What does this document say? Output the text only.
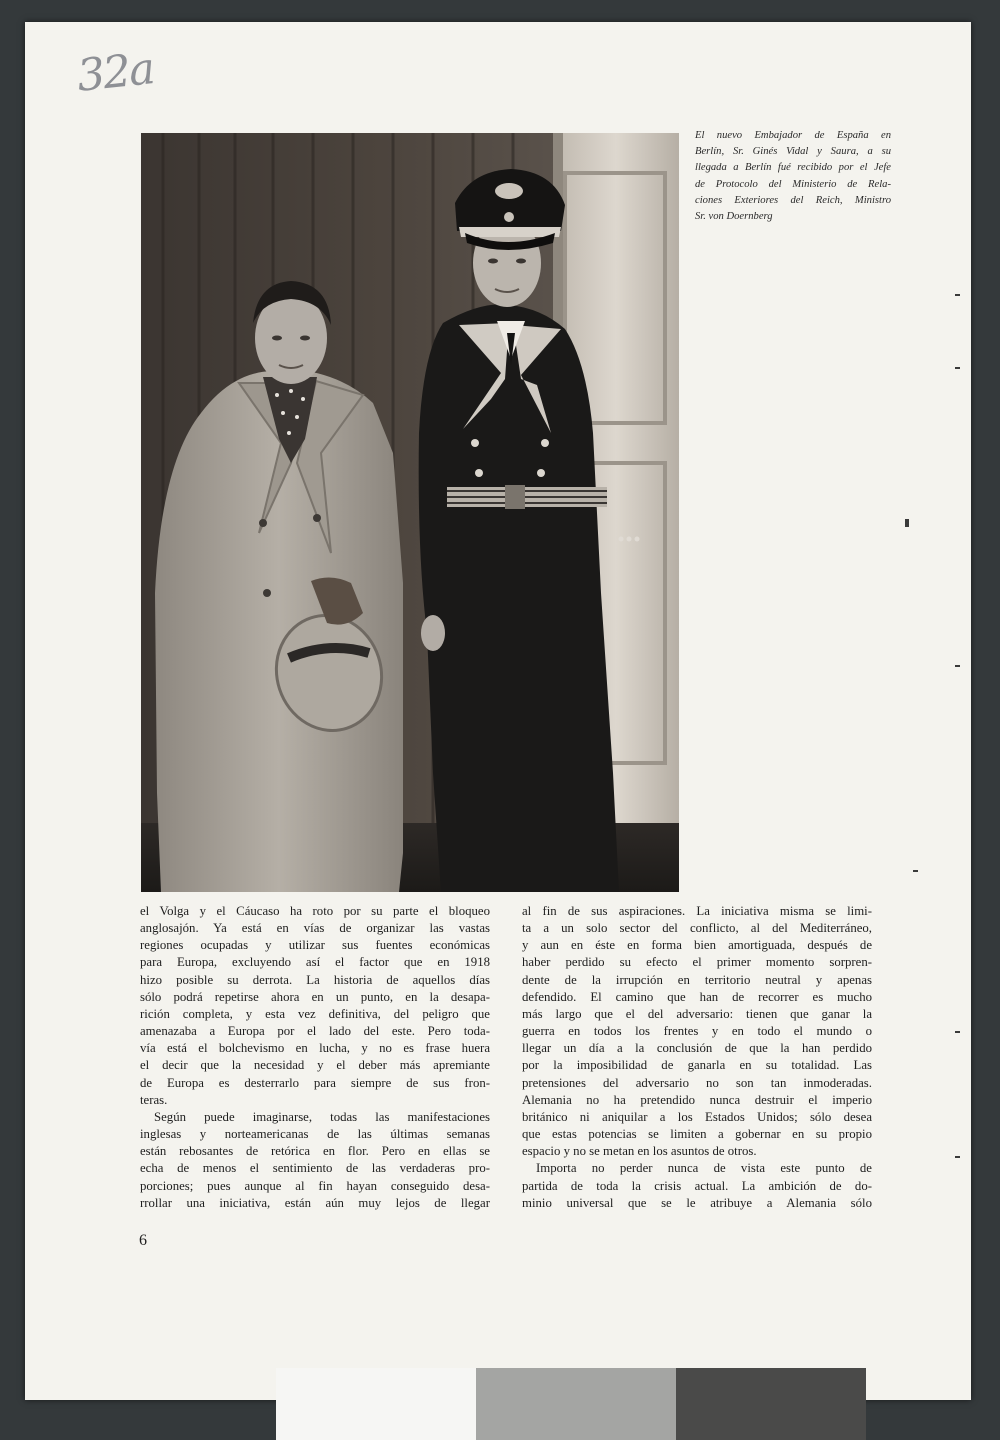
32a
El nuevo Embajador de España en
Berlín, Sr. Ginés Vidal y Saura, a su
llegada a Berlín fué recibido por el Jefe
de Protocolo del Ministerio de Rela-
ciones Exteriores del Reich, Ministro
Sr. von Doernberg
el Volga y el Cáucaso ha roto por su parte el bloqueo
anglosajón. Ya está en vías de organizar las vastas
regiones ocupadas y utilizar sus fuentes económicas
para Europa, excluyendo así el factor que en 1918
hizo posible su derrota. La historia de aquellos días
sólo podrá repetirse ahora en un punto, en la desapa-
rición completa, y esta vez definitiva, del peligro que
amenazaba a Europa por el lado del este. Pero toda-
vía está el bolchevismo en lucha, y no es frase huera
el decir que la necesidad y el deber más apremiante
de Europa es desterrarlo para siempre de sus fron-
teras.
Según puede imaginarse, todas las manifestaciones
inglesas y norteamericanas de las últimas semanas
están rebosantes de retórica en flor. Pero en ellas se
echa de menos el sentimiento de las verdaderas pro-
porciones; pues aunque al fin hayan conseguido desa-
rrollar una iniciativa, están aún muy lejos de llegar
al fin de sus aspiraciones. La iniciativa misma se limi-
ta a un solo sector del conflicto, al del Mediterráneo,
y aun en éste en forma bien amortiguada, después de
haber perdido su efecto el primer momento sorpren-
dente de la irrupción en territorio neutral y apenas
defendido. El camino que han de recorrer es mucho
más largo que el del adversario: tienen que ganar la
guerra en todos los frentes y en todo el mundo o
llegar un día a la conclusión de que la han perdido
por la imposibilidad de ganarla en su totalidad. Las
pretensiones del adversario no son tan inmoderadas.
Alemania no ha pretendido nunca destruir el imperio
británico ni aniquilar a los Estados Unidos; sólo desea
que estas potencias se limiten a gobernar en su propio
espacio y no se metan en los asuntos de otros.
Importa no perder nunca de vista este punto de
partida de toda la crisis actual. La ambición de do-
minio universal que se le atribuye a Alemania sólo
6
